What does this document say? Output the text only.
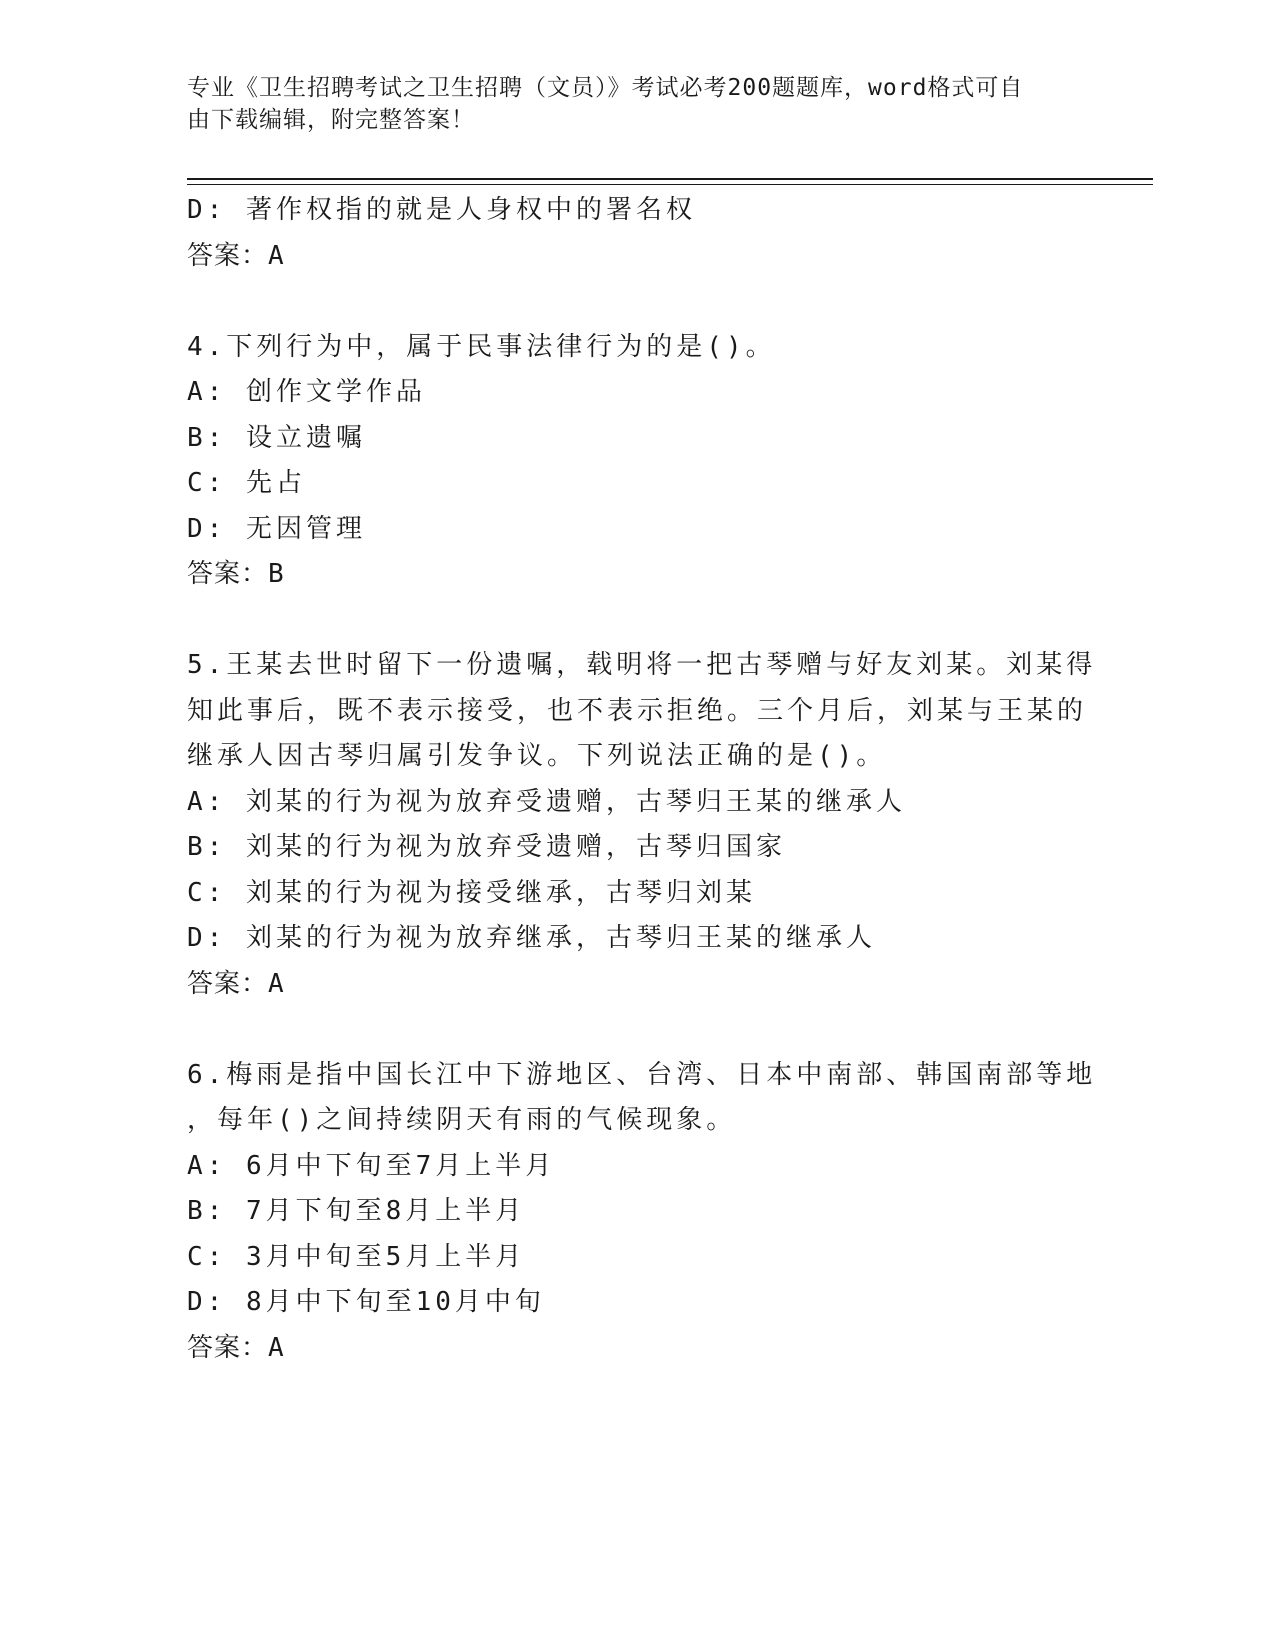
专业《卫生招聘考试之卫生招聘（文员）》考试必考200题题库，word格式可自
由下载编辑，附完整答案！
D: 著作权指的就是人身权中的署名权
答案：A
4.下列行为中，属于民事法律行为的是()。
A: 创作文学作品
B: 设立遗嘱
C: 先占
D: 无因管理
答案：B
5.王某去世时留下一份遗嘱，载明将一把古琴赠与好友刘某。刘某得
知此事后，既不表示接受，也不表示拒绝。三个月后，刘某与王某的
继承人因古琴归属引发争议。下列说法正确的是()。
A: 刘某的行为视为放弃受遗赠，古琴归王某的继承人
B: 刘某的行为视为放弃受遗赠，古琴归国家
C: 刘某的行为视为接受继承，古琴归刘某
D: 刘某的行为视为放弃继承，古琴归王某的继承人
答案：A
6.梅雨是指中国长江中下游地区、台湾、日本中南部、韩国南部等地
，每年()之间持续阴天有雨的气候现象。
A: 6月中下旬至7月上半月
B: 7月下旬至8月上半月
C: 3月中旬至5月上半月
D: 8月中下旬至10月中旬
答案：A
